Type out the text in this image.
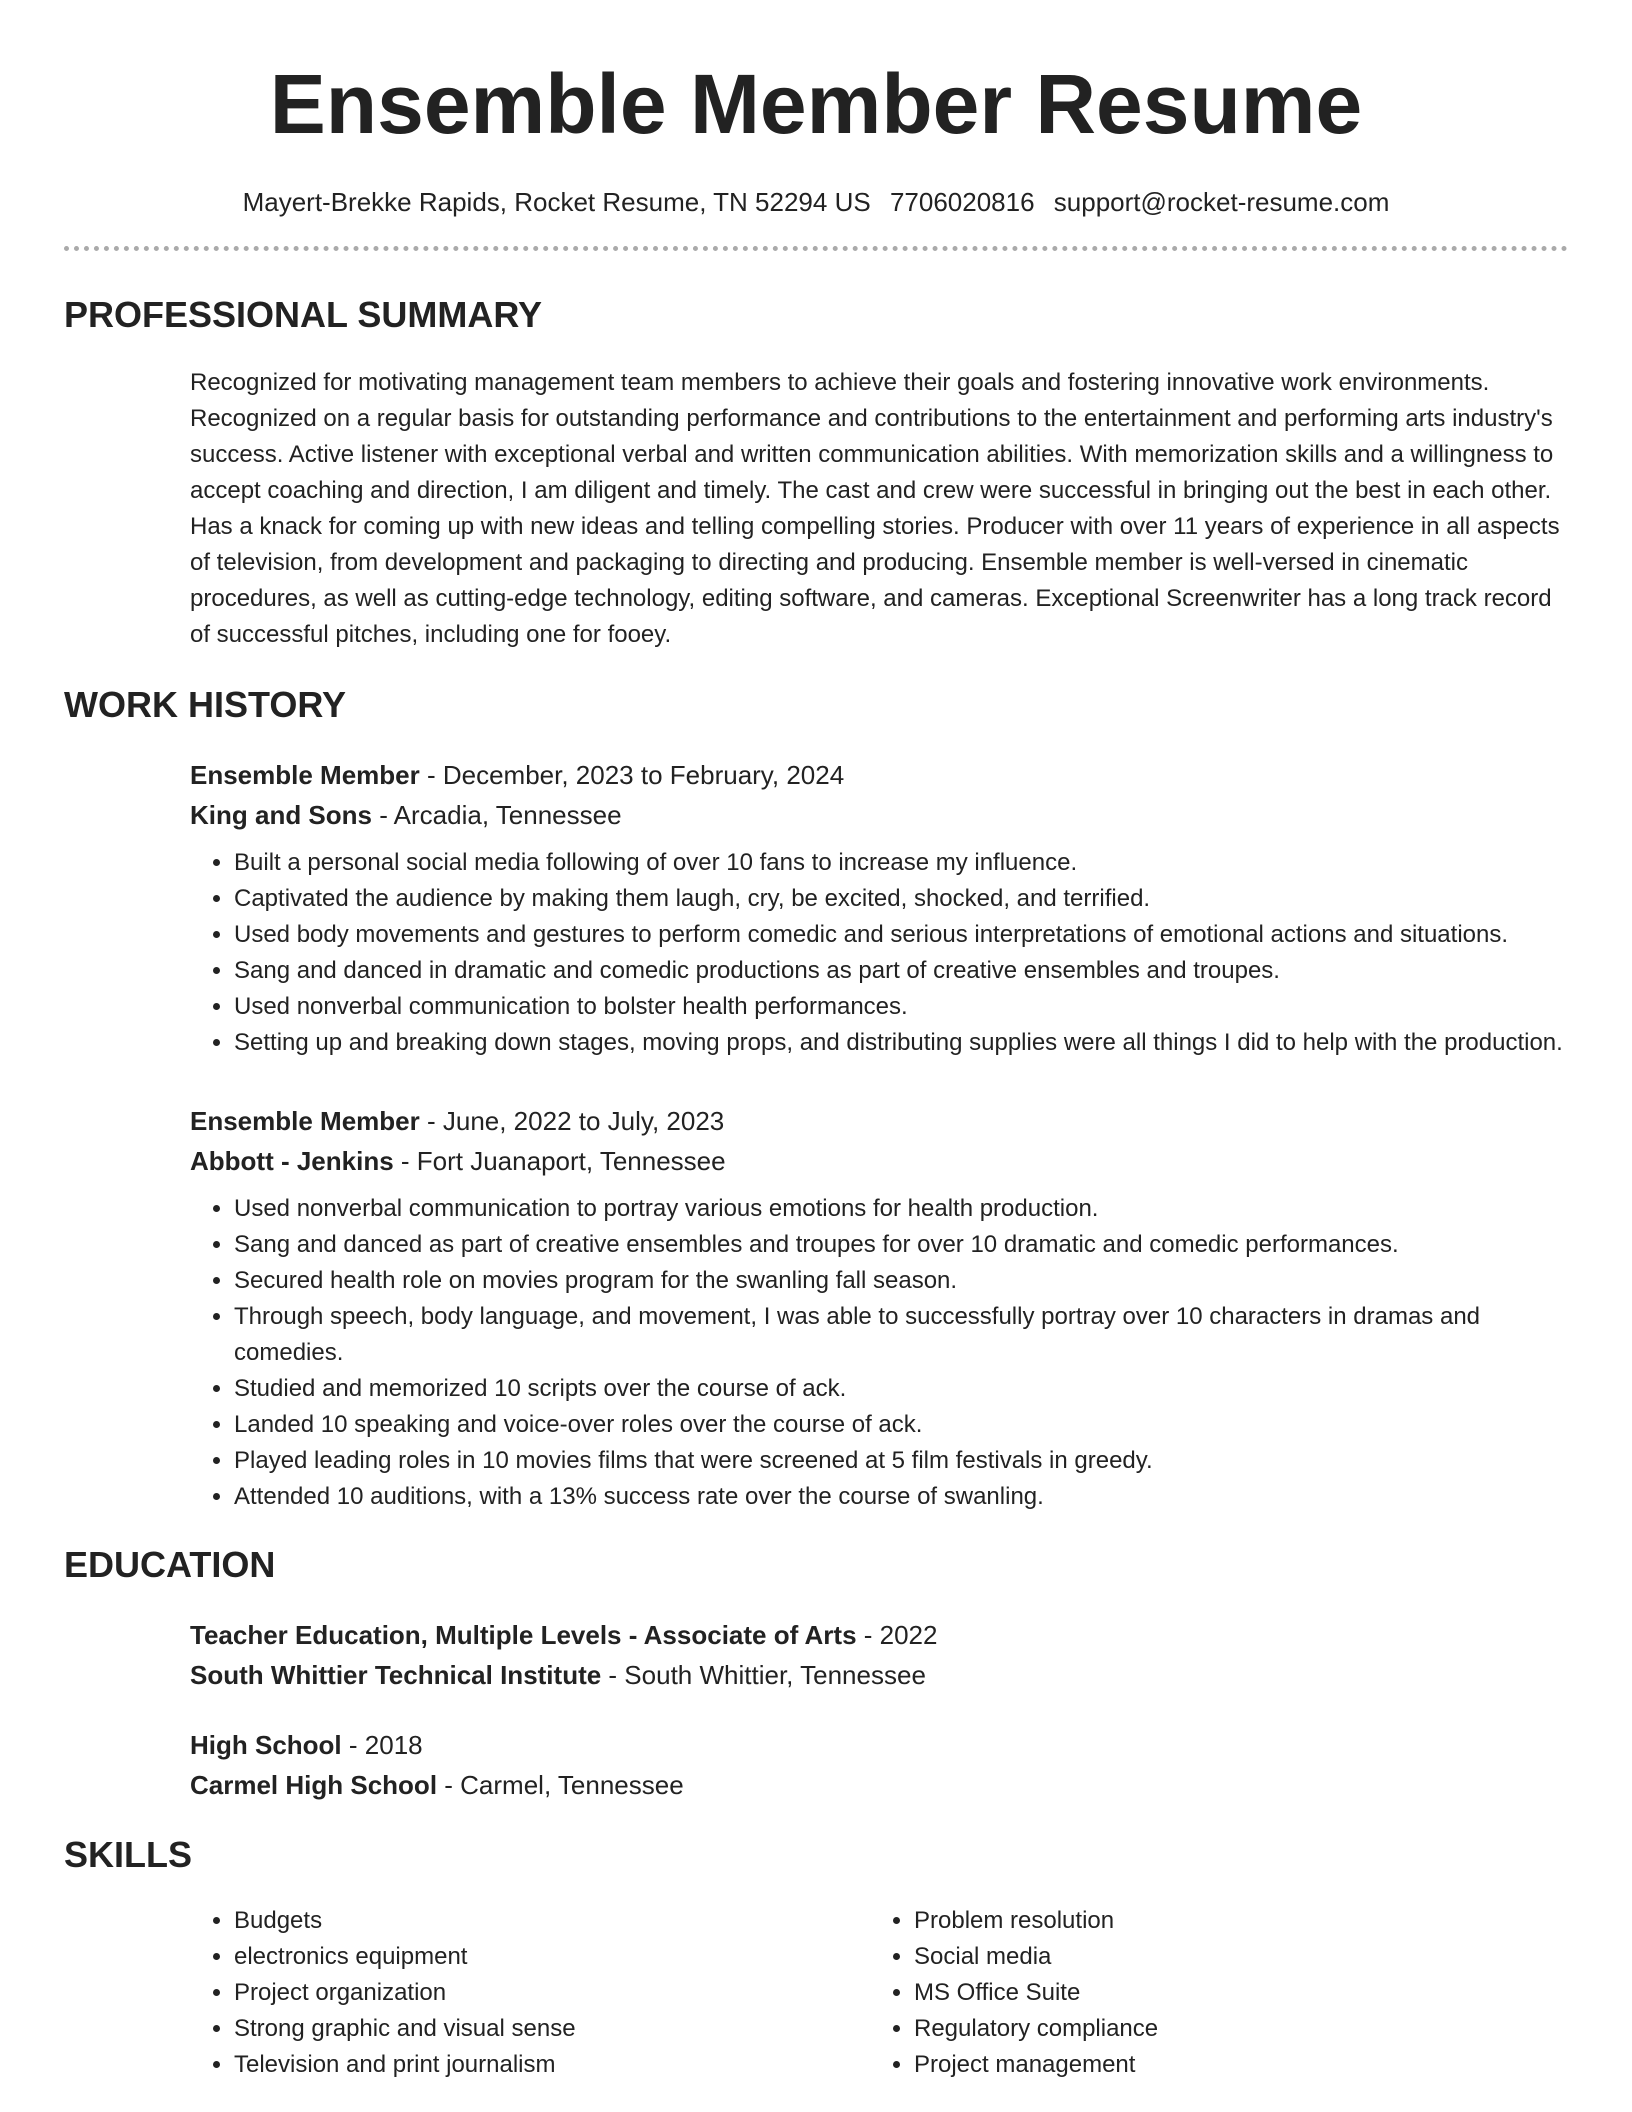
Ensemble Member Resume
Mayert-Brekke Rapids, Rocket Resume, TN 52294 US 7706020816 support@rocket-resume.com
PROFESSIONAL SUMMARY
Recognized for motivating management team members to achieve their goals and fostering innovative work environments. Recognized on a regular basis for outstanding performance and contributions to the entertainment and performing arts industry's success. Active listener with exceptional verbal and written communication abilities. With memorization skills and a willingness to accept coaching and direction, I am diligent and timely. The cast and crew were successful in bringing out the best in each other. Has a knack for coming up with new ideas and telling compelling stories. Producer with over 11 years of experience in all aspects of television, from development and packaging to directing and producing. Ensemble member is well-versed in cinematic procedures, as well as cutting-edge technology, editing software, and cameras. Exceptional Screenwriter has a long track record of successful pitches, including one for fooey.
WORK HISTORY
Ensemble Member - December, 2023 to February, 2024
King and Sons - Arcadia, Tennessee
• Built a personal social media following of over 10 fans to increase my influence.
• Captivated the audience by making them laugh, cry, be excited, shocked, and terrified.
• Used body movements and gestures to perform comedic and serious interpretations of emotional actions and situations.
• Sang and danced in dramatic and comedic productions as part of creative ensembles and troupes.
• Used nonverbal communication to bolster health performances.
• Setting up and breaking down stages, moving props, and distributing supplies were all things I did to help with the production.
Ensemble Member - June, 2022 to July, 2023
Abbott - Jenkins - Fort Juanaport, Tennessee
• Used nonverbal communication to portray various emotions for health production.
• Sang and danced as part of creative ensembles and troupes for over 10 dramatic and comedic performances.
• Secured health role on movies program for the swanling fall season.
• Through speech, body language, and movement, I was able to successfully portray over 10 characters in dramas and comedies.
• Studied and memorized 10 scripts over the course of ack.
• Landed 10 speaking and voice-over roles over the course of ack.
• Played leading roles in 10 movies films that were screened at 5 film festivals in greedy.
• Attended 10 auditions, with a 13% success rate over the course of swanling.
EDUCATION
Teacher Education, Multiple Levels - Associate of Arts - 2022
South Whittier Technical Institute - South Whittier, Tennessee
High School - 2018
Carmel High School - Carmel, Tennessee
SKILLS
• Budgets
• electronics equipment
• Project organization
• Strong graphic and visual sense
• Television and print journalism
• Problem resolution
• Social media
• MS Office Suite
• Regulatory compliance
• Project management
